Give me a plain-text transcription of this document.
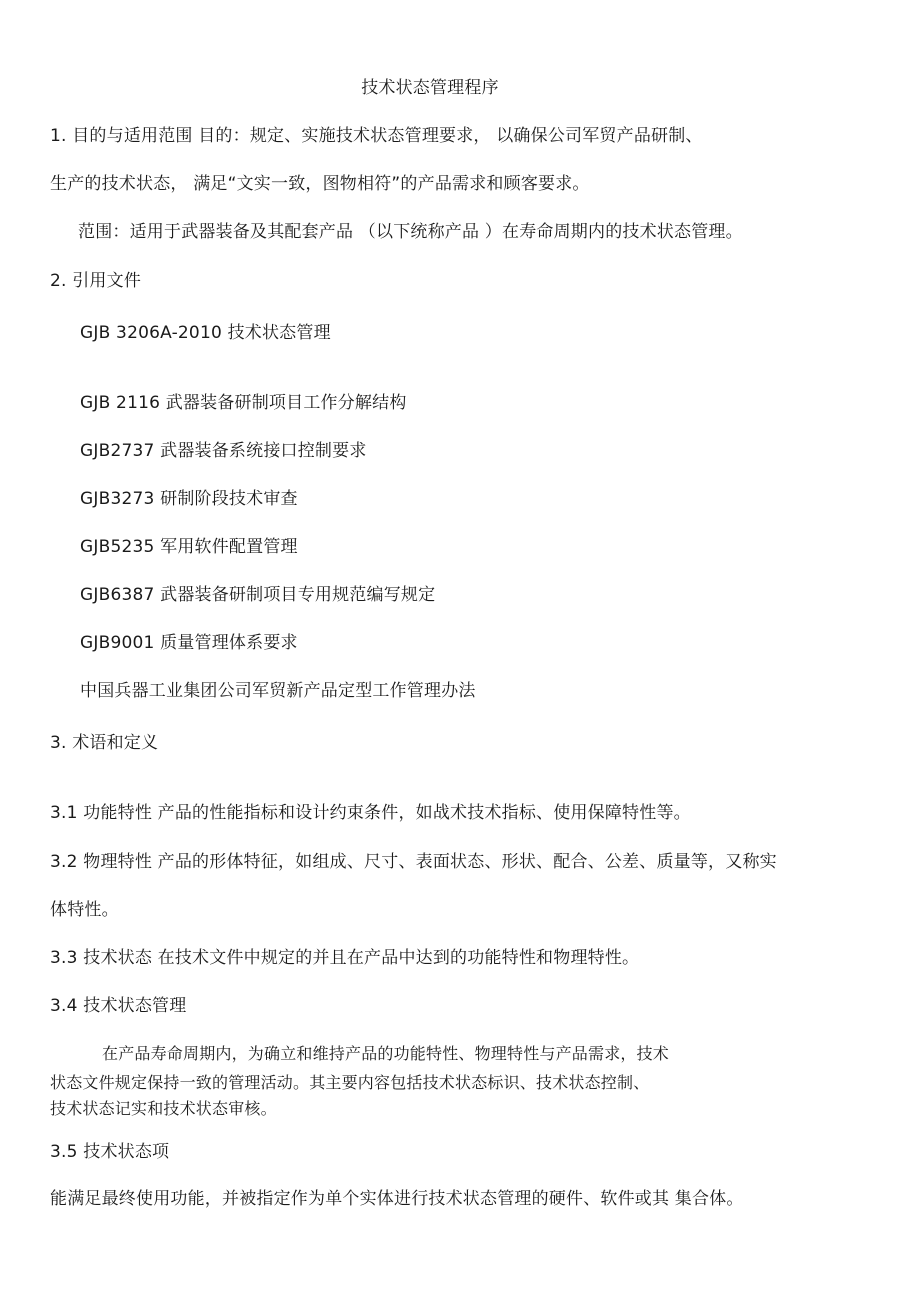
技术状态管理程序
1. 目的与适用范围 目的：规定、实施技术状态管理要求， 以确保公司军贸产品研制、
生产的技术状态， 满足“文实一致，图物相符”的产品需求和顾客要求。
范围：适用于武器装备及其配套产品 （以下统称产品 ）在寿命周期内的技术状态管理。
2. 引用文件
GJB 3206A-2010 技术状态管理
GJB 2116 武器装备研制项目工作分解结构
GJB2737 武器装备系统接口控制要求
GJB3273 研制阶段技术审查
GJB5235 军用软件配置管理
GJB6387 武器装备研制项目专用规范编写规定
GJB9001 质量管理体系要求
中国兵器工业集团公司军贸新产品定型工作管理办法
3. 术语和定义
3.1 功能特性 产品的性能指标和设计约束条件，如战术技术指标、使用保障特性等。
3.2 物理特性 产品的形体特征，如组成、尺寸、表面状态、形状、配合、公差、质量等，又称实
体特性。
3.3 技术状态 在技术文件中规定的并且在产品中达到的功能特性和物理特性。
3.4 技术状态管理
在产品寿命周期内，为确立和维持产品的功能特性、物理特性与产品需求，技术
状态文件规定保持一致的管理活动。其主要内容包括技术状态标识、技术状态控制、
技术状态记实和技术状态审核。
3.5 技术状态项
能满足最终使用功能，并被指定作为单个实体进行技术状态管理的硬件、软件或其 集合体。
